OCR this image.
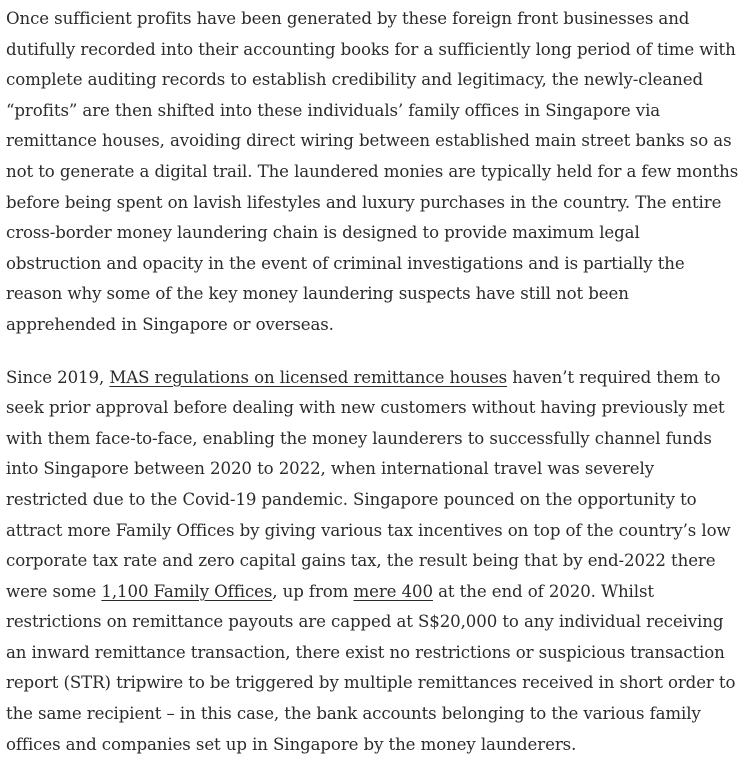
Once sufficient profits have been generated by these foreign front businesses and dutifully recorded into their accounting books for a sufficiently long period of time with complete auditing records to establish credibility and legitimacy, the newly-cleaned “profits” are then shifted into these individuals’ family offices in Singapore via remittance houses, avoiding direct wiring between established main street banks so as not to generate a digital trail. The laundered monies are typically held for a few months before being spent on lavish lifestyles and luxury purchases in the country. The entire cross-border money laundering chain is designed to provide maximum legal obstruction and opacity in the event of criminal investigations and is partially the reason why some of the key money laundering suspects have still not been apprehended in Singapore or overseas.

Since 2019, MAS regulations on licensed remittance houses haven’t required them to seek prior approval before dealing with new customers without having previously met with them face-to-face, enabling the money launderers to successfully channel funds into Singapore between 2020 to 2022, when international travel was severely restricted due to the Covid-19 pandemic. Singapore pounced on the opportunity to attract more Family Offices by giving various tax incentives on top of the country’s low corporate tax rate and zero capital gains tax, the result being that by end-2022 there were some 1,100 Family Offices, up from mere 400 at the end of 2020. Whilst restrictions on remittance payouts are capped at S$20,000 to any individual receiving an inward remittance transaction, there exist no restrictions or suspicious transaction report (STR) tripwire to be triggered by multiple remittances received in short order to the same recipient – in this case, the bank accounts belonging to the various family offices and companies set up in Singapore by the money launderers.
